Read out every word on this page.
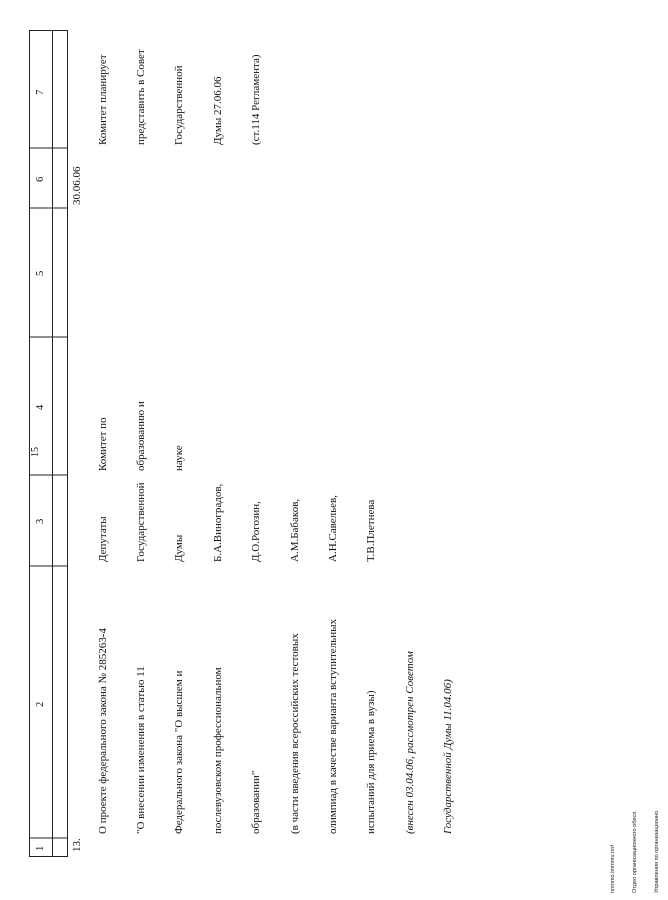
15
1
2
3
4
5
6
7
13.

О проекте федерального закона № 285263-4

"О внесении изменения в статью 11

Федерального закона "О высшем и

послевузовском профессиональном

образовании"

(в части введения всероссийских тестовых

олимпиад в качестве варианта вступительных

испытаний для приема в вузы)

(внесен 03.04.06, рассмотрен Советом

Государственной Думы 11.04.06)

Депутаты

Государственной

Думы

Б.А.Виноградов,

Д.О.Рогозин,

А.М.Бабаков,

А.Н.Савельев,

Т.В.Плетнева

Комитет по

образованию и

науке

30.06.06

Комитет планирует

представить в Совет

Государственной

Думы 27.06.06

(ст.114 Регламента)

nnmmo.lmmmu.nnf

	Отдел организационного обесп.

	Управления по организационно
